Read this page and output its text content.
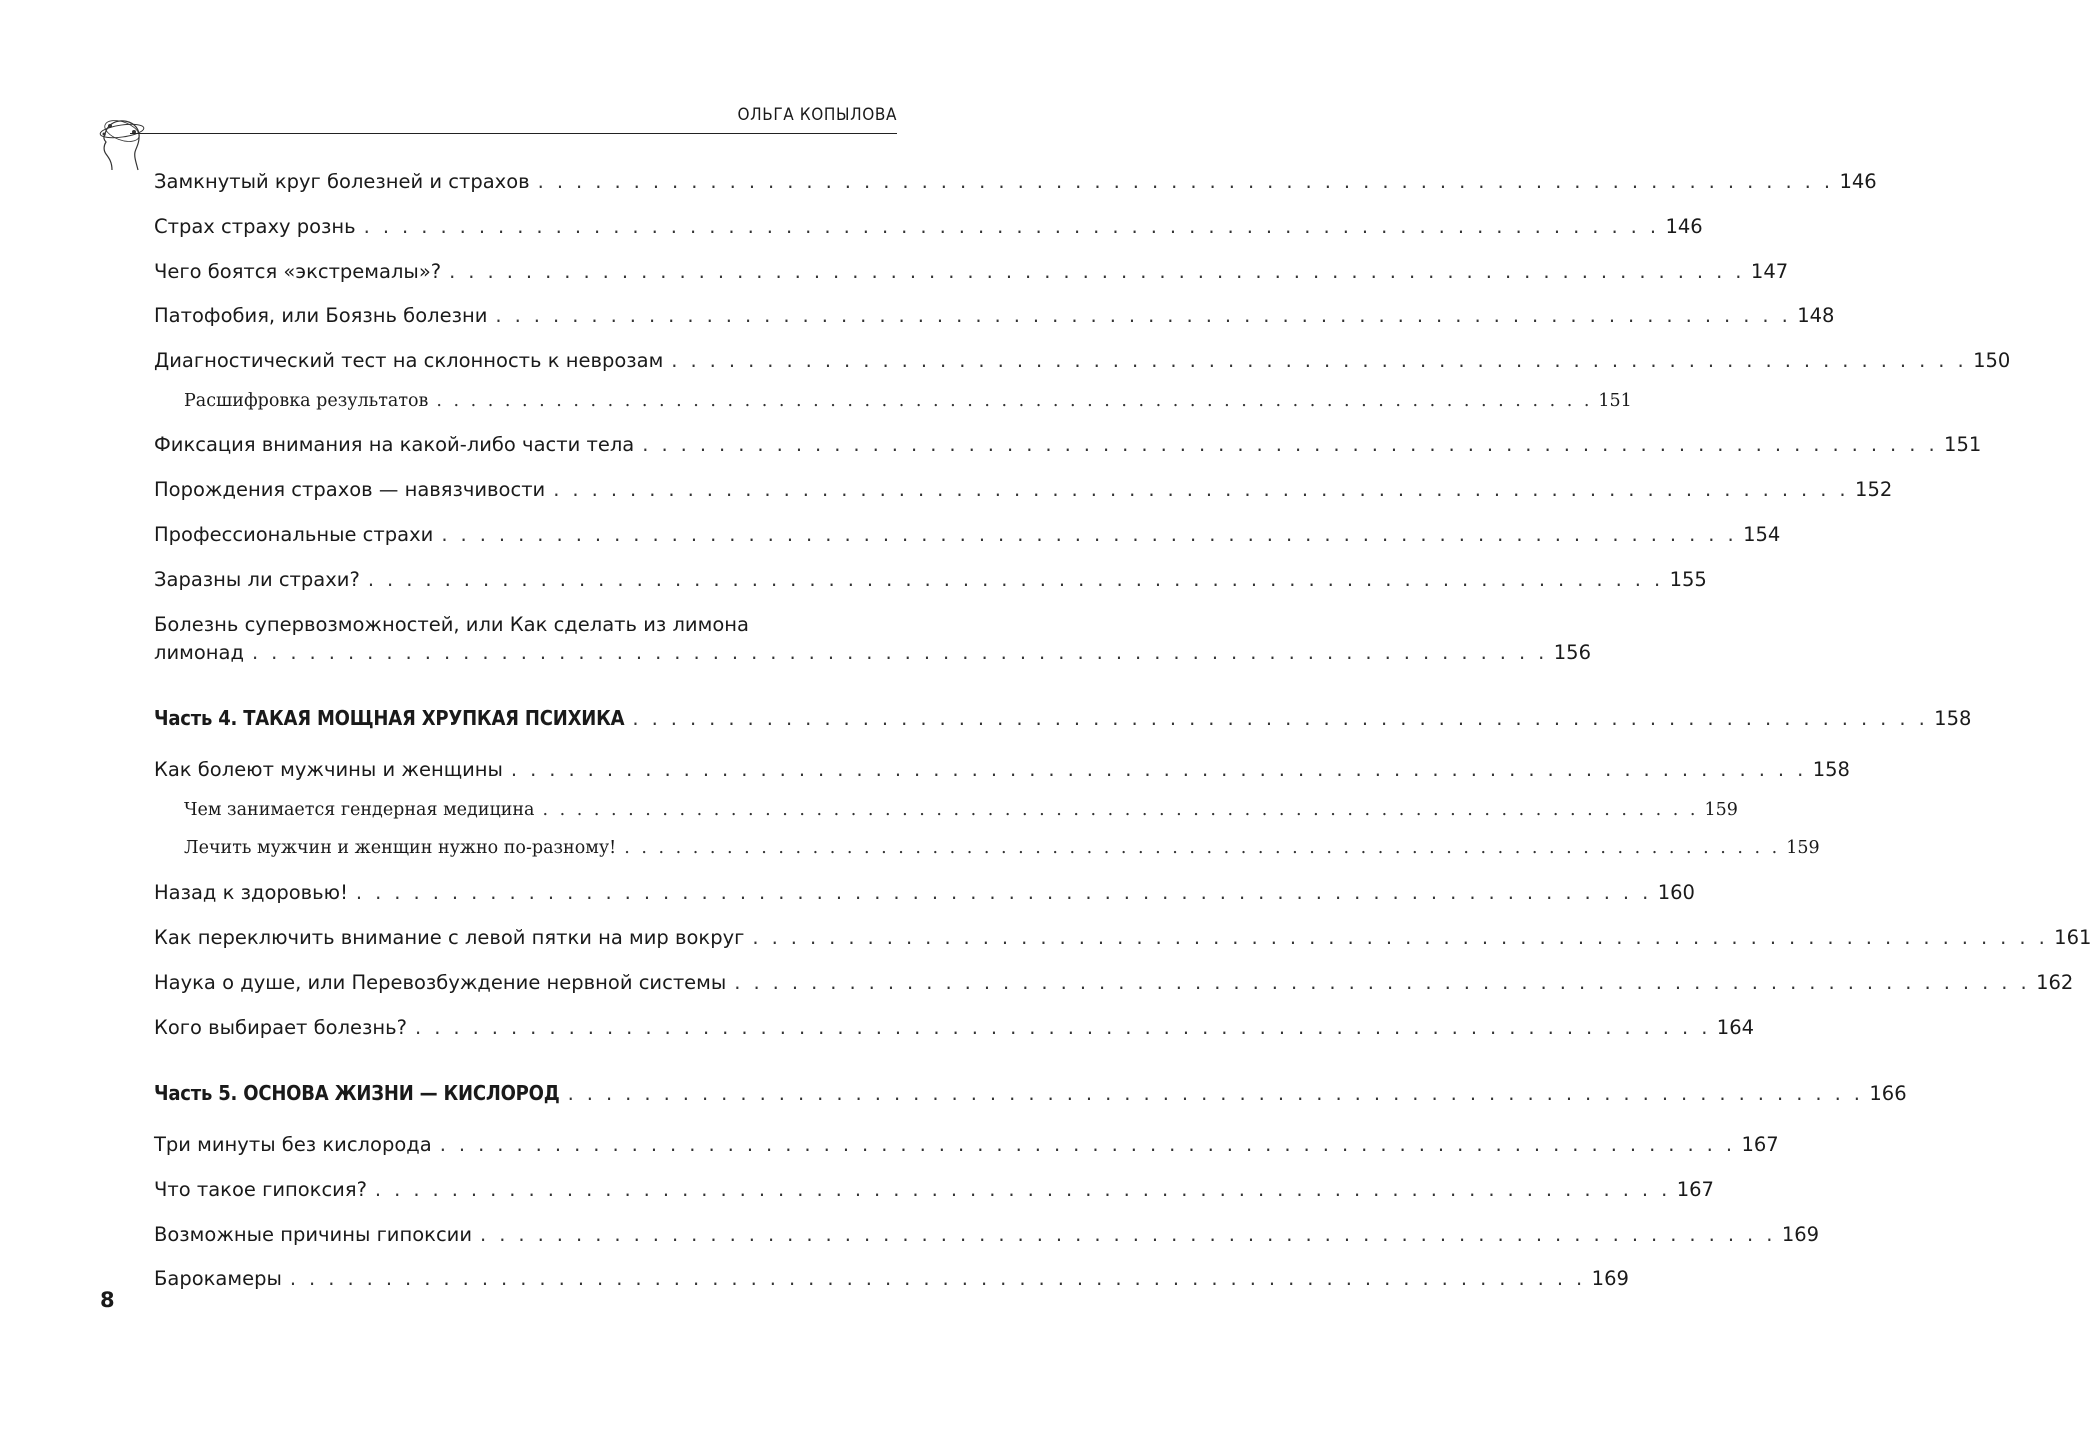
ОЛЬГА КОПЫЛОВА
Замкнутый круг болезней и страхов . . . . . . . . . . . . . . . . . . . . . . . . . . . . . . . . . . . . . . . . . . . . . . . . . . . . . . . . . . . . . . . . . . . . 146
Страх страху рознь . . . . . . . . . . . . . . . . . . . . . . . . . . . . . . . . . . . . . . . . . . . . . . . . . . . . . . . . . . . . . . . . . . . . 146
Чего боятся «экстремалы»? . . . . . . . . . . . . . . . . . . . . . . . . . . . . . . . . . . . . . . . . . . . . . . . . . . . . . . . . . . . . . . . . . . . . 147
Патофобия, или Боязнь болезни . . . . . . . . . . . . . . . . . . . . . . . . . . . . . . . . . . . . . . . . . . . . . . . . . . . . . . . . . . . . . . . . . . . . 148
Диагностический тест на склонность к неврозам . . . . . . . . . . . . . . . . . . . . . . . . . . . . . . . . . . . . . . . . . . . . . . . . . . . . . . . . . . . . . . . . . . . . 150
Расшифровка результатов . . . . . . . . . . . . . . . . . . . . . . . . . . . . . . . . . . . . . . . . . . . . . . . . . . . . . . . . . . . . . . . . . . . . 151
Фиксация внимания на какой-либо части тела . . . . . . . . . . . . . . . . . . . . . . . . . . . . . . . . . . . . . . . . . . . . . . . . . . . . . . . . . . . . . . . . . . . . 151
Порождения страхов — навязчивости . . . . . . . . . . . . . . . . . . . . . . . . . . . . . . . . . . . . . . . . . . . . . . . . . . . . . . . . . . . . . . . . . . . . 152
Профессиональные страхи . . . . . . . . . . . . . . . . . . . . . . . . . . . . . . . . . . . . . . . . . . . . . . . . . . . . . . . . . . . . . . . . . . . . 154
Заразны ли страхи? . . . . . . . . . . . . . . . . . . . . . . . . . . . . . . . . . . . . . . . . . . . . . . . . . . . . . . . . . . . . . . . . . . . . 155
Болезнь супервозможностей, или Как сделать из лимона
лимонад . . . . . . . . . . . . . . . . . . . . . . . . . . . . . . . . . . . . . . . . . . . . . . . . . . . . . . . . . . . . . . . . . . . . 156
Часть 4. ТАКАЯ МОЩНАЯ ХРУПКАЯ ПСИХИКА . . . . . . . . . . . . . . . . . . . . . . . . . . . . . . . . . . . . . . . . . . . . . . . . . . . . . . . . . . . . . . . . . . . . 158
Как болеют мужчины и женщины . . . . . . . . . . . . . . . . . . . . . . . . . . . . . . . . . . . . . . . . . . . . . . . . . . . . . . . . . . . . . . . . . . . . 158
Чем занимается гендерная медицина . . . . . . . . . . . . . . . . . . . . . . . . . . . . . . . . . . . . . . . . . . . . . . . . . . . . . . . . . . . . . . . . . . . . 159
Лечить мужчин и женщин нужно по-разному! . . . . . . . . . . . . . . . . . . . . . . . . . . . . . . . . . . . . . . . . . . . . . . . . . . . . . . . . . . . . . . . . . . . . 159
Назад к здоровью! . . . . . . . . . . . . . . . . . . . . . . . . . . . . . . . . . . . . . . . . . . . . . . . . . . . . . . . . . . . . . . . . . . . . 160
Как переключить внимание с левой пятки на мир вокруг . . . . . . . . . . . . . . . . . . . . . . . . . . . . . . . . . . . . . . . . . . . . . . . . . . . . . . . . . . . . . . . . . . . . 161
Наука о душе, или Перевозбуждение нервной системы . . . . . . . . . . . . . . . . . . . . . . . . . . . . . . . . . . . . . . . . . . . . . . . . . . . . . . . . . . . . . . . . . . . . 162
Кого выбирает болезнь? . . . . . . . . . . . . . . . . . . . . . . . . . . . . . . . . . . . . . . . . . . . . . . . . . . . . . . . . . . . . . . . . . . . . 164
Часть 5. ОСНОВА ЖИЗНИ — КИСЛОРОД . . . . . . . . . . . . . . . . . . . . . . . . . . . . . . . . . . . . . . . . . . . . . . . . . . . . . . . . . . . . . . . . . . . . 166
Три минуты без кислорода . . . . . . . . . . . . . . . . . . . . . . . . . . . . . . . . . . . . . . . . . . . . . . . . . . . . . . . . . . . . . . . . . . . . 167
Что такое гипоксия? . . . . . . . . . . . . . . . . . . . . . . . . . . . . . . . . . . . . . . . . . . . . . . . . . . . . . . . . . . . . . . . . . . . . 167
Возможные причины гипоксии . . . . . . . . . . . . . . . . . . . . . . . . . . . . . . . . . . . . . . . . . . . . . . . . . . . . . . . . . . . . . . . . . . . . 169
Барокамеры . . . . . . . . . . . . . . . . . . . . . . . . . . . . . . . . . . . . . . . . . . . . . . . . . . . . . . . . . . . . . . . . . . . . 169
8
